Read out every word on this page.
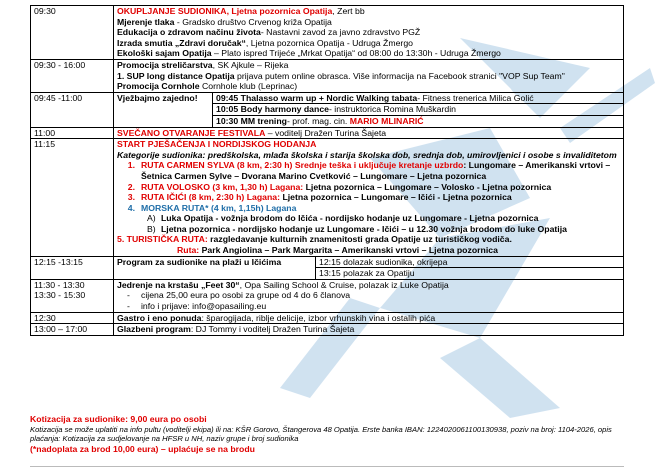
09:30	OKUPLJANJE SUDIONIKA, Ljetna pozornica Opatija, Zert bb
Mjerenje tlaka - Gradsko društvo Crvenog križa Opatija
Edukacija o zdravom načinu života- Nastavni zavod za javno zdravstvo PGŽ
Izrada smutia „Zdravi doručak“, Ljetna pozornica Opatija - Udruga Žmergo
Ekološki sajam Opatija – Plato ispred Trijeće „Mrkat Opatija“ od 08:00 do 13:30h - Udruga Žmergo
09:30 - 16:00	Promocija streličarstva, SK Ajkule – Rijeka
1. SUP long distance Opatija prijava putem online obrasca. Više informacija na Facebook stranici "VOP Sup Team"
Promocija Cornhole Cornhole klub (Leprinac)
09:45 -11:00		Vježbajmo zajedno!	09:45 Thalasso warm up + Nordic Walking tabata- Fitness trenerica Milica Golić
10:05 Body harmony dance- instruktorica Romina Muškardin
10:30 MM trening- prof. mag. cin. MARIO MLINARIĆ

11:00	SVEČANO OTVARANJE FESTIVALA – voditelj Dražen Turina Šajeta
11:15	START PJEŠAČENJA I NORDIJSKOG HODANJA
Kategorije sudionika: predškolska, mlađa školska i starija školska dob, srednja dob, umirovljenici i osobe s invaliditetom
1. RUTA CARMEN SYLVA (8 km, 2:30 h) Srednje teška i uključuje kretanje uzbrdo: Lungomare – Amerikanski vrtovi – Šetnica Carmen Sylve – Dvorana Marino Cvetković – Lungomare – Ljetna pozornica
2. RUTA VOLOSKO (3 km, 1,30 h) Lagana: Ljetna pozornica – Lungomare – Volosko - Ljetna pozornica
3. RUTA IČIĆI (8 km, 2:30 h) Lagana: Ljetna pozornica – Lungomare – Ičići - Ljetna pozornica
4. MORSKA RUTA* (4 km, 1,15h) Lagana
A) Luka Opatija - vožnja brodom do Ičića - nordijsko hodanje uz Lungomare - Ljetna pozornica
B) Ljetna pozornica - nordijsko hodanje uz Lungomare - Ičići – u 12.30 vožnja brodom do luke Opatija
5. TURISTIČKA RUTA: razgledavanje kulturnih znamenitosti grada Opatije uz turističkog vodiča.
Ruta: Park Angiolina – Park Margarita – Amerikanski vrtovi – Ljetna pozornica
12:15 -13:15		Program za sudionike na plaži u Ičićima	12:15 dolazak sudionika, okrijepa
13:15 polazak za Opatiju

11:30 - 13:30
13:30 - 15:30	Jedrenje na krstašu „Feet 30“, Opa Sailing School & Cruise, polazak iz Luke Opatija
-	cijena 25,00 eura po osobi za grupe od 4 do 6 članova
-	info i prijave: info@opasailing.eu

12:30	Gastro i eno ponuda: šparogijada, riblje delicije, izbor vrhunskih vina i ostalih pića
13:00 – 17:00	Glazbeni program: DJ Tommy i voditelj Dražen Turina Šajeta
Kotizacija za sudionike: 9,00 eura po osobi
Kotizacija se može uplatiti na info pultu (voditelji ekipa) ili na: KŠR Gorovo, Štangerova 48 Opatija. Erste banka IBAN: 1224020061100130938, poziv na broj: 1104-2026, opis plaćanja: Kotizacija za sudjelovanje na HFSR u NH, naziv grupe i broj sudionika
(*nadoplata za brod 10,00 eura) – uplaćuje se na brodu
